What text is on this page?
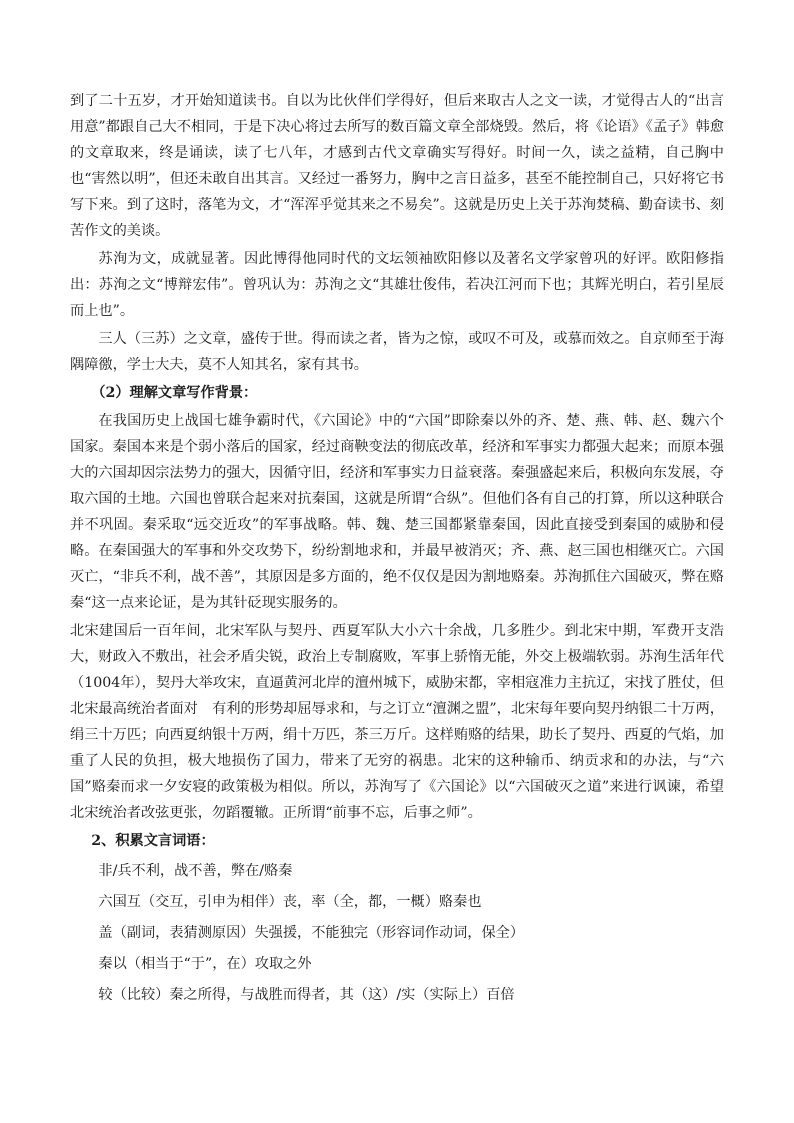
到了二十五岁，才开始知道读书。自以为比伙伴们学得好，但后来取古人之文一读，才觉得古人的“出言用意”都跟自己大不相同，于是下决心将过去所写的数百篇文章全部烧毁。然后，将《论语》《孟子》韩愈的文章取来，终是诵读，读了七八年，才感到古代文章确实写得好。时间一久，读之益精，自己胸中也“害然以明”，但还未敢自出其言。又经过一番努力，胸中之言日益多，甚至不能控制自己，只好将它书写下来。到了这时，落笔为文，才“浑浑乎觉其来之不易矣”。这就是历史上关于苏洵焚稿、勤奋读书、刻苦作文的美谈。

苏洵为文，成就显著。因此博得他同时代的文坛领袖欧阳修以及著名文学家曾巩的好评。欧阳修指出：苏洵之文“博辩宏伟”。曾巩认为：苏洵之文“其雄壮俊伟，若决江河而下也；其辉光明白，若引星辰而上也”。

三人（三苏）之文章，盛传于世。得而读之者，皆为之惊，或叹不可及，或慕而效之。自京师至于海隅障徼，学士大夫，莫不人知其名，家有其书。

（2）理解文章写作背景：

在我国历史上战国七雄争霸时代，《六国论》中的“六国”即除秦以外的齐、楚、燕、韩、赵、魏六个国家。秦国本来是个弱小落后的国家，经过商鞅变法的彻底改革，经济和军事实力都强大起来；而原本强大的六国却因宗法势力的强大，因循守旧，经济和军事实力日益衰落。秦强盛起来后，积极向东发展，夺取六国的土地。六国也曾联合起来对抗秦国，这就是所谓“合纵”。但他们各有自己的打算，所以这种联合并不巩固。秦采取“远交近攻”的军事战略。韩、魏、楚三国都紧靠秦国，因此直接受到秦国的威胁和侵略。在秦国强大的军事和外交攻势下，纷纷割地求和，并最早被消灭；齐、燕、赵三国也相继灭亡。六国灭亡，“非兵不利，战不善”，其原因是多方面的，绝不仅仅是因为割地赂秦。苏洵抓住六国破灭，弊在赂秦“这一点来论证，是为其针砭现实服务的。

北宋建国后一百年间，北宋军队与契丹、西夏军队大小六十余战，几多胜少。到北宋中期，军费开支浩大，财政入不敷出，社会矛盾尖锐，政治上专制腐败，军事上骄惰无能，外交上极端软弱。苏洵生活年代（1004年），契丹大举攻宋，直逼黄河北岸的澶州城下，威胁宋都，宰相寇准力主抗辽，宋找了胜仗，但北宋最高统治者面对　有利的形势却屈辱求和，与之订立“澶渊之盟”，北宋每年要向契丹纳银二十万两，绢三十万匹；向西夏纳银十万两，绢十万匹，茶三万斤。这样贿赂的结果，助长了契丹、西夏的气焰，加重了人民的负担，极大地损伤了国力，带来了无穷的祸患。北宋的这种输币、纳贡求和的办法，与“六国”赂秦而求一夕安寝的政策极为相似。所以，苏洵写了《六国论》以“六国破灭之道”来进行讽谏，希望北宋统治者改弦更张，勿蹈覆辙。正所谓“前事不忘，后事之师”。

2、积累文言词语：

非/兵不利，战不善，弊在/赂秦

六国互（交互，引申为相伴）丧，率（全，都，一概）赂秦也

盖（副词，表猜测原因）失强援，不能独完（形容词作动词，保全）

秦以（相当于“于”，在）攻取之外

较（比较）秦之所得，与战胜而得者，其（这）/实（实际上）百倍
